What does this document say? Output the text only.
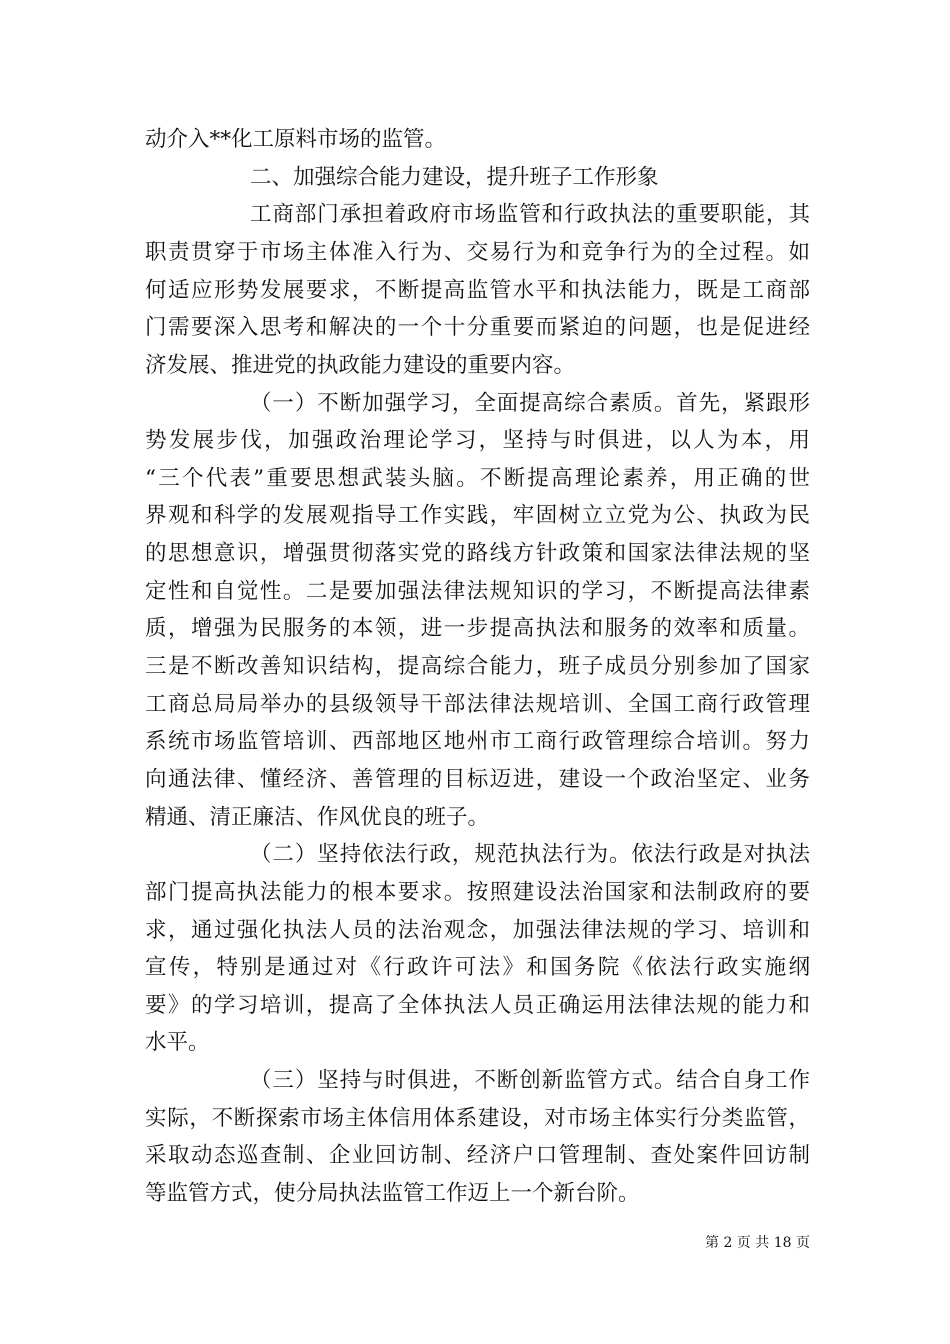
动介入**化工原料市场的监管。
二、加强综合能力建设，提升班子工作形象
工商部门承担着政府市场监管和行政执法的重要职能，其
职责贯穿于市场主体准入行为、交易行为和竞争行为的全过程。如
何适应形势发展要求，不断提高监管水平和执法能力，既是工商部
门需要深入思考和解决的一个十分重要而紧迫的问题，也是促进经
济发展、推进党的执政能力建设的重要内容。
（一）不断加强学习，全面提高综合素质。首先，紧跟形
势发展步伐，加强政治理论学习，坚持与时俱进，以人为本，用
“三个代表”重要思想武装头脑。不断提高理论素养，用正确的世
界观和科学的发展观指导工作实践，牢固树立立党为公、执政为民
的思想意识，增强贯彻落实党的路线方针政策和国家法律法规的坚
定性和自觉性。二是要加强法律法规知识的学习，不断提高法律素
质，增强为民服务的本领，进一步提高执法和服务的效率和质量。
三是不断改善知识结构，提高综合能力，班子成员分别参加了国家
工商总局局举办的县级领导干部法律法规培训、全国工商行政管理
系统市场监管培训、西部地区地州市工商行政管理综合培训。努力
向通法律、懂经济、善管理的目标迈进，建设一个政治坚定、业务
精通、清正廉洁、作风优良的班子。
（二）坚持依法行政，规范执法行为。依法行政是对执法
部门提高执法能力的根本要求。按照建设法治国家和法制政府的要
求，通过强化执法人员的法治观念，加强法律法规的学习、培训和
宣传，特别是通过对《行政许可法》和国务院《依法行政实施纲
要》的学习培训，提高了全体执法人员正确运用法律法规的能力和
水平。
实际，不断探索市场主体信用体系建设，对市场主体实行分类监管，
采取动态巡查制、企业回访制、经济户口管理制、查处案件回访制
等监管方式，使分局执法监管工作迈上一个新台阶。
（三）坚持与时俱进，不断创新监管方式。结合自身工作
第 2 页 共 18 页
